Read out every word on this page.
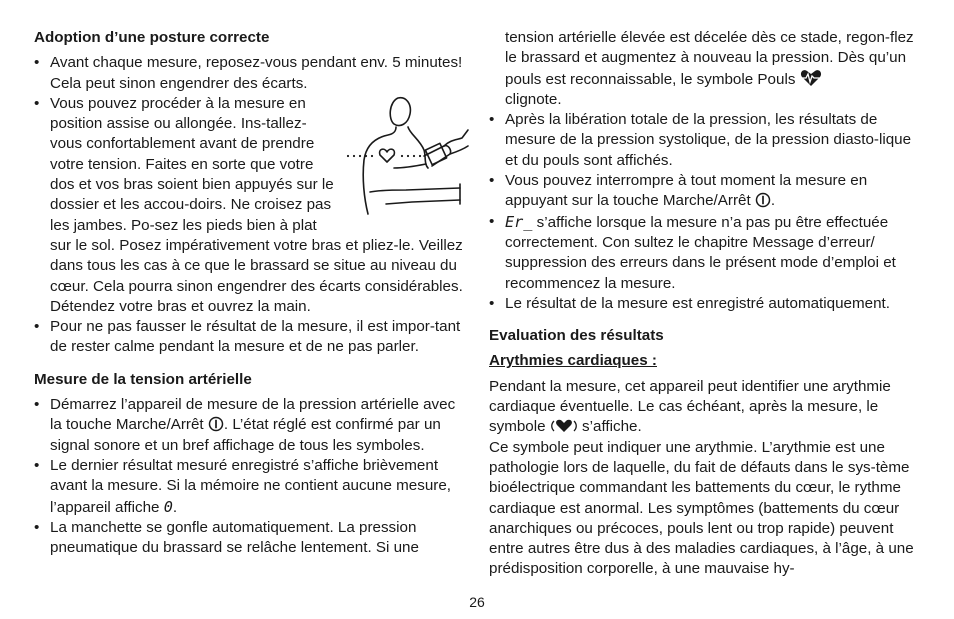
Adoption d’une posture correcte

• Avant chaque mesure, reposez-vous pendant env. 5 minutes! Cela peut sinon engendrer des écarts.
• Vous pouvez procéder à la mesure en position assise ou allongée. Ins-tallez-vous confortablement avant de prendre votre tension. Faites en sorte que votre dos et vos bras soient bien appuyés sur le dossier et les accou-doirs. Ne croisez pas les jambes. Po-sez les pieds bien à plat sur le sol. Posez impérativement votre bras et pliez-le. Veillez dans tous les cas à ce que le brassard se situe au niveau du cœur. Cela pourra sinon engendrer des écarts considérables. Détendez votre bras et ouvrez la main.
• Pour ne pas fausser le résultat de la mesure, il est impor-tant de rester calme pendant la mesure et de ne pas parler.

Mesure de la tension artérielle

• Démarrez l’appareil de mesure de la pression artérielle avec la touche Marche/Arrêt . L’état réglé est confirmé par un signal sonore et un bref affichage de tous les symboles.
• Le dernier résultat mesuré enregistré s’affiche brièvement avant la mesure. Si la mémoire ne contient aucune mesure, l’appareil affiche 0.
• La manchette se gonfle automatiquement. La pression pneumatique du brassard se relâche lentement. Si une

tension artérielle élevée est décelée dès ce stade, regon-flez le brassard et augmentez à nouveau la pression. Dès qu’un pouls est reconnaissable, le symbole Pouls
clignote.

• Après la libération totale de la pression, les résultats de mesure de la pression systolique, de la pression diasto-lique et du pouls sont affichés.
• Vous pouvez interrompre à tout moment la mesure en appuyant sur la touche Marche/Arrêt .
• Er_ s’affiche lorsque la mesure n’a pas pu être effectuée correctement. Con sultez le chapitre Message d’erreur/ suppression des erreurs dans le présent mode d’emploi et recommencez la mesure.
• Le résultat de la mesure est enregistré automatiquement.

Evaluation des résultats

Arythmies cardiaques :

Pendant la mesure, cet appareil peut identifier une arythmie cardiaque éventuelle. Le cas échéant, après la mesure, le symbole s’affiche.

Ce symbole peut indiquer une arythmie. L’arythmie est une pathologie lors de laquelle, du fait de défauts dans le sys-tème bioélectrique commandant les battements du cœur, le rythme cardiaque est anormal. Les symptômes (battements du cœur anarchiques ou précoces, pouls lent ou trop rapide) peuvent entre autres être dus à des maladies cardiaques, à l’âge, à une prédisposition corporelle, à une mauvaise hy-

26
